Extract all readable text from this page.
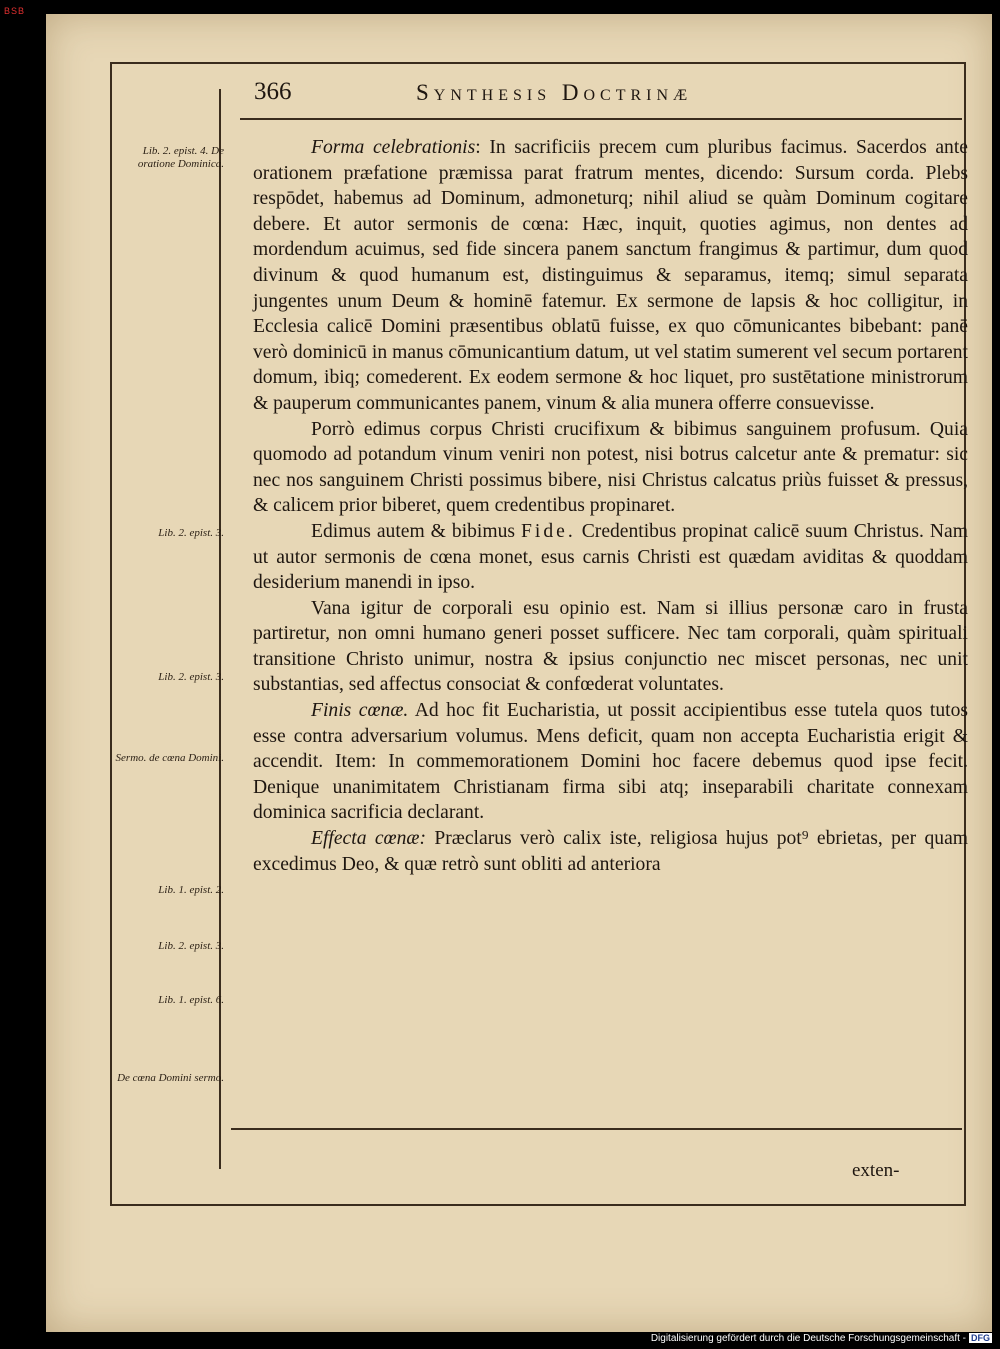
BSB
366	Synthesis Doctrinæ
Lib. 2. epist. 4. De oratione Dominica.
Lib. 2. epist. 3.
Lib. 2. epist. 3.
Sermo. de cœna Domini.
Lib. 1. epist. 2.
Lib. 2. epist. 3.
Lib. 1. epist. 6.
De cœna Domini sermo.

Forma celebrationis: In sacrificiis precem cum pluribus facimus. Sacerdos ante orationem præfatione præmissa parat fratrum mentes, dicendo: Sursum corda. Plebs respōdet, habemus ad Dominum, admoneturq; nihil aliud se quàm Dominum cogitare debere. Et autor sermonis de cœna: Hæc, inquit, quoties agimus, non dentes ad mordendum acuimus, sed fide sincera panem sanctum frangimus & partimur, dum quod divinum & quod humanum est, distinguimus & separamus, itemq; simul separata jungentes unum Deum & hominē fatemur. Ex sermone de lapsis & hoc colligitur, in Ecclesia calicē Domini præsentibus oblatū fuisse, ex quo cōmunicantes bibebant: panē verò dominicū in manus cōmunicantium datum, ut vel statim sumerent vel secum portarent domum, ibiq; comederent. Ex eodem sermone & hoc liquet, pro sustētatione ministrorum & pauperum communicantes panem, vinum & alia munera offerre consuevisse.

Porrò edimus corpus Christi crucifixum & bibimus sanguinem profusum. Quia quomodo ad potandum vinum veniri non potest, nisi botrus calcetur ante & prematur: sic nec nos sanguinem Christi possimus bibere, nisi Christus calcatus priùs fuisset & pressus, & calicem prior biberet, quem credentibus propinaret.

Edimus autem & bibimus Fide. Credentibus propinat calicē suum Christus. Nam ut autor sermonis de cœna monet, esus carnis Christi est quædam aviditas & quoddam desiderium manendi in ipso.

Vana igitur de corporali esu opinio est. Nam si illius personæ caro in frusta partiretur, non omni humano generi posset sufficere. Nec tam corporali, quàm spirituali transitione Christo unimur, nostra & ipsius conjunctio nec miscet personas, nec unit substantias, sed affectus consociat & confœderat voluntates.

Finis cœnæ. Ad hoc fit Eucharistia, ut possit accipientibus esse tutela quos tutos esse contra adversarium volumus. Mens deficit, quam non accepta Eucharistia erigit & accendit. Item: In commemorationem Domini hoc facere debemus quod ipse fecit. Denique unanimitatem Christianam firma sibi atq; inseparabili charitate connexam dominica sacrificia declarant.

Effecta cœnæ: Præclarus verò calix iste, religiosa hujus pot⁹ ebrietas, per quam excedimus Deo, & quæ retrò sunt obliti ad anteriora

exten-
Digitalisierung gefördert durch die Deutsche Forschungsgemeinschaft - DFG
